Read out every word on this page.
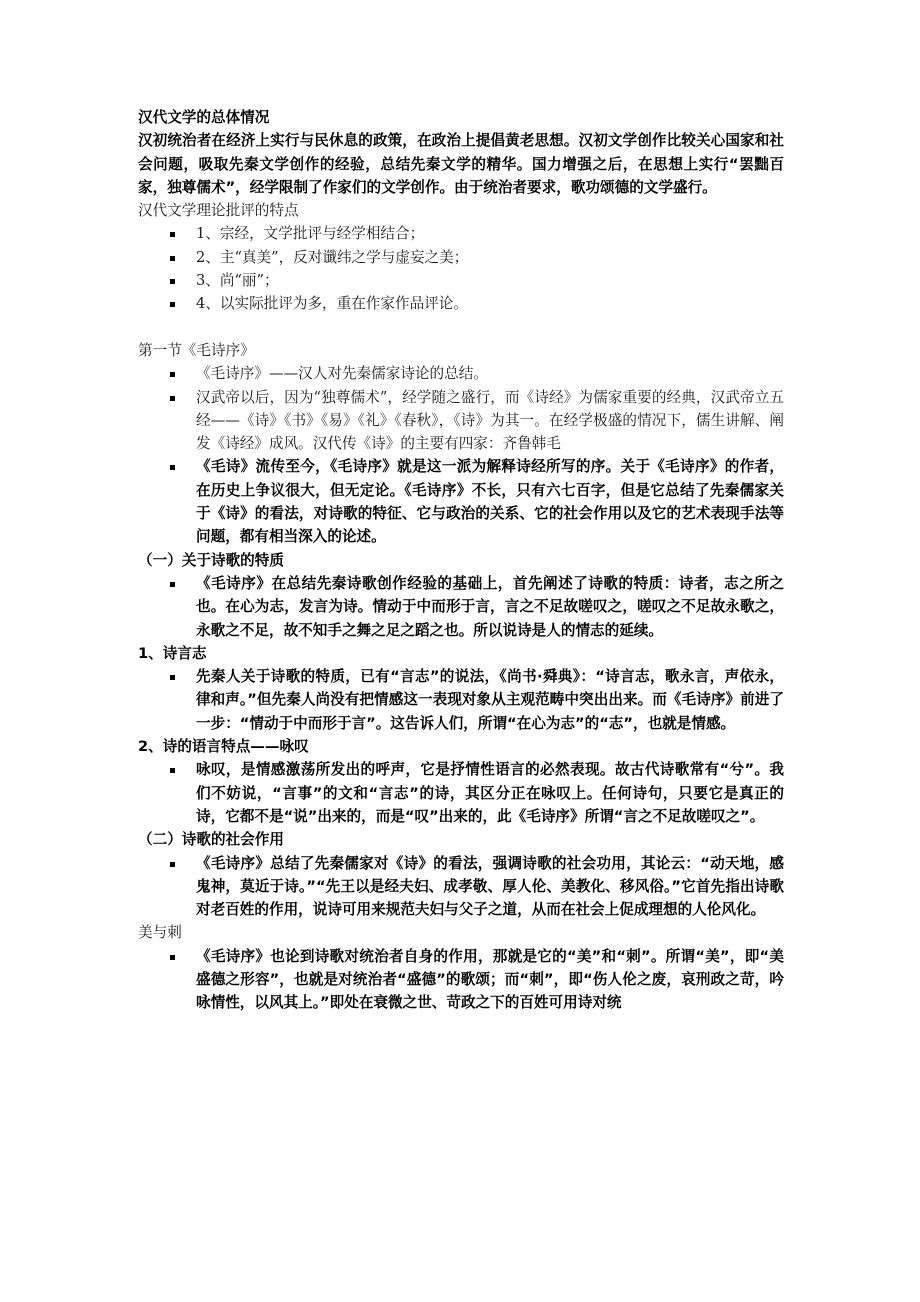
汉代文学的总体情况

汉初统治者在经济上实行与民休息的政策，在政治上提倡黄老思想。汉初文学创作比较关心国家和社会问题，吸取先秦文学创作的经验，总结先秦文学的精华。国力增强之后，在思想上实行“罢黜百家，独尊儒术”，经学限制了作家们的文学创作。由于统治者要求，歌功颂德的文学盛行。

汉代文学理论批评的特点

1、宗经，文学批评与经学相结合；
2、主“真美”，反对谶纬之学与虚妄之美；
3、尚“丽”；
4、以实际批评为多，重在作家作品评论。

第一节《毛诗序》

《毛诗序》——汉人对先秦儒家诗论的总结。
汉武帝以后，因为“独尊儒术”，经学随之盛行，而《诗经》为儒家重要的经典，汉武帝立五经——《诗》《书》《易》《礼》《春秋》，《诗》为其一。在经学极盛的情况下，儒生讲解、阐发《诗经》成风。汉代传《诗》的主要有四家：齐鲁韩毛
《毛诗》流传至今，《毛诗序》就是这一派为解释诗经所写的序。关于《毛诗序》的作者，在历史上争议很大，但无定论。《毛诗序》不长，只有六七百字，但是它总结了先秦儒家关于《诗》的看法，对诗歌的特征、它与政治的关系、它的社会作用以及它的艺术表现手法等问题，都有相当深入的论述。

（一）关于诗歌的特质

《毛诗序》在总结先秦诗歌创作经验的基础上，首先阐述了诗歌的特质：诗者，志之所之也。在心为志，发言为诗。情动于中而形于言，言之不足故嗟叹之，嗟叹之不足故永歌之，永歌之不足，故不知手之舞之足之蹈之也。所以说诗是人的情志的延续。

1、诗言志

先秦人关于诗歌的特质，已有“言志”的说法，《尚书·舜典》：“诗言志，歌永言，声依永，律和声。”但先秦人尚没有把情感这一表现对象从主观范畴中突出出来。而《毛诗序》前进了一步：“情动于中而形于言”。这告诉人们，所谓“在心为志”的“志”，也就是情感。

2、诗的语言特点——咏叹

咏叹，是情感激荡所发出的呼声，它是抒情性语言的必然表现。故古代诗歌常有“兮”。我们不妨说，“言事”的文和“言志”的诗，其区分正在咏叹上。任何诗句，只要它是真正的诗，它都不是“说”出来的，而是“叹”出来的，此《毛诗序》所谓“言之不足故嗟叹之”。

（二）诗歌的社会作用

《毛诗序》总结了先秦儒家对《诗》的看法，强调诗歌的社会功用，其论云：“动天地，感鬼神，莫近于诗。”“先王以是经夫妇、成孝敬、厚人伦、美教化、移风俗。”它首先指出诗歌对老百姓的作用，说诗可用来规范夫妇与父子之道，从而在社会上促成理想的人伦风化。

美与刺

《毛诗序》也论到诗歌对统治者自身的作用，那就是它的“美”和“刺”。所谓“美”，即“美盛德之形容”，也就是对统治者“盛德”的歌颂；而“刺”，即“伤人伦之废，哀刑政之苛，吟咏情性，以风其上。”即处在衰微之世、苛政之下的百姓可用诗对统
